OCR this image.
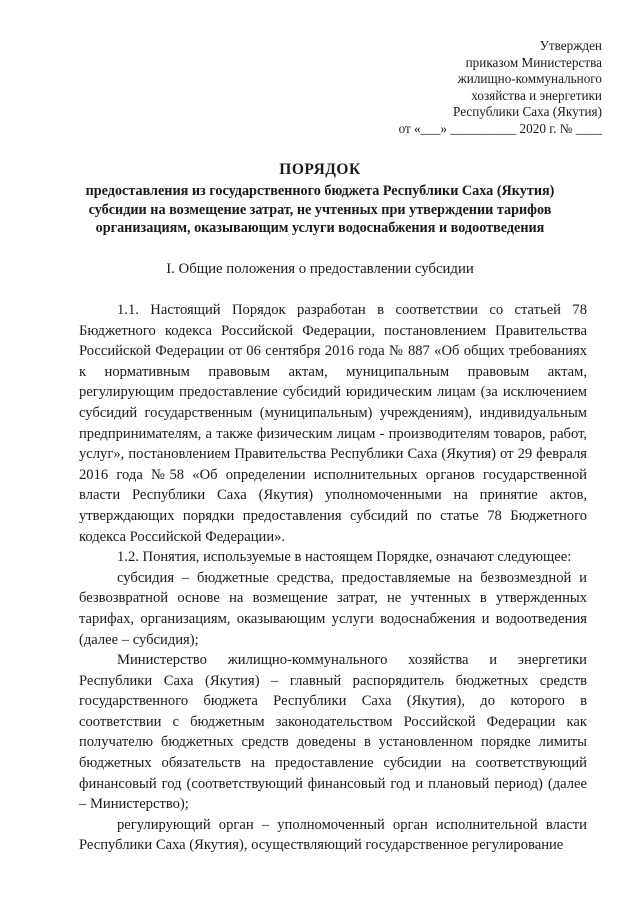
Утвержден
приказом Министерства
жилищно-коммунального
хозяйства и энергетики
Республики Саха (Якутия)
от «___» __________ 2020 г. № ____
ПОРЯДОК
предоставления из государственного бюджета Республики Саха (Якутия)
субсидии на возмещение затрат, не учтенных при утверждении тарифов
организациям, оказывающим услуги водоснабжения и водоотведения
I. Общие положения о предоставлении субсидии

1.1. Настоящий Порядок разработан в соответствии со статьей 78 Бюджетного кодекса Российской Федерации, постановлением Правительства Российской Федерации от 06 сентября 2016 года № 887 «Об общих требованиях к нормативным правовым актам, муниципальным правовым актам, регулирующим предоставление субсидий юридическим лицам (за исключением субсидий государственным (муниципальным) учреждениям), индивидуальным предпринимателям, а также физическим лицам - производителям товаров, работ, услуг», постановлением Правительства Республики Саха (Якутия) от 29 февраля 2016 года №58 «Об определении исполнительных органов государственной власти Республики Саха (Якутия) уполномоченными на принятие актов, утверждающих порядки предоставления субсидий по статье 78 Бюджетного кодекса Российской Федерации».

1.2. Понятия, используемые в настоящем Порядке, означают следующее:

субсидия – бюджетные средства, предоставляемые на безвозмездной и безвозвратной основе на возмещение затрат, не учтенных в утвержденных тарифах, организациям, оказывающим услуги водоснабжения и водоотведения (далее – субсидия);

Министерство жилищно-коммунального хозяйства и энергетики Республики Саха (Якутия) – главный распорядитель бюджетных средств государственного бюджета Республики Саха (Якутия), до которого в соответствии с бюджетным законодательством Российской Федерации как получателю бюджетных средств доведены в установленном порядке лимиты бюджетных обязательств на предоставление субсидии на соответствующий финансовый год (соответствующий финансовый год и плановый период) (далее – Министерство);

регулирующий орган – уполномоченный орган исполнительной власти Республики Саха (Якутия), осуществляющий государственное регулирование
